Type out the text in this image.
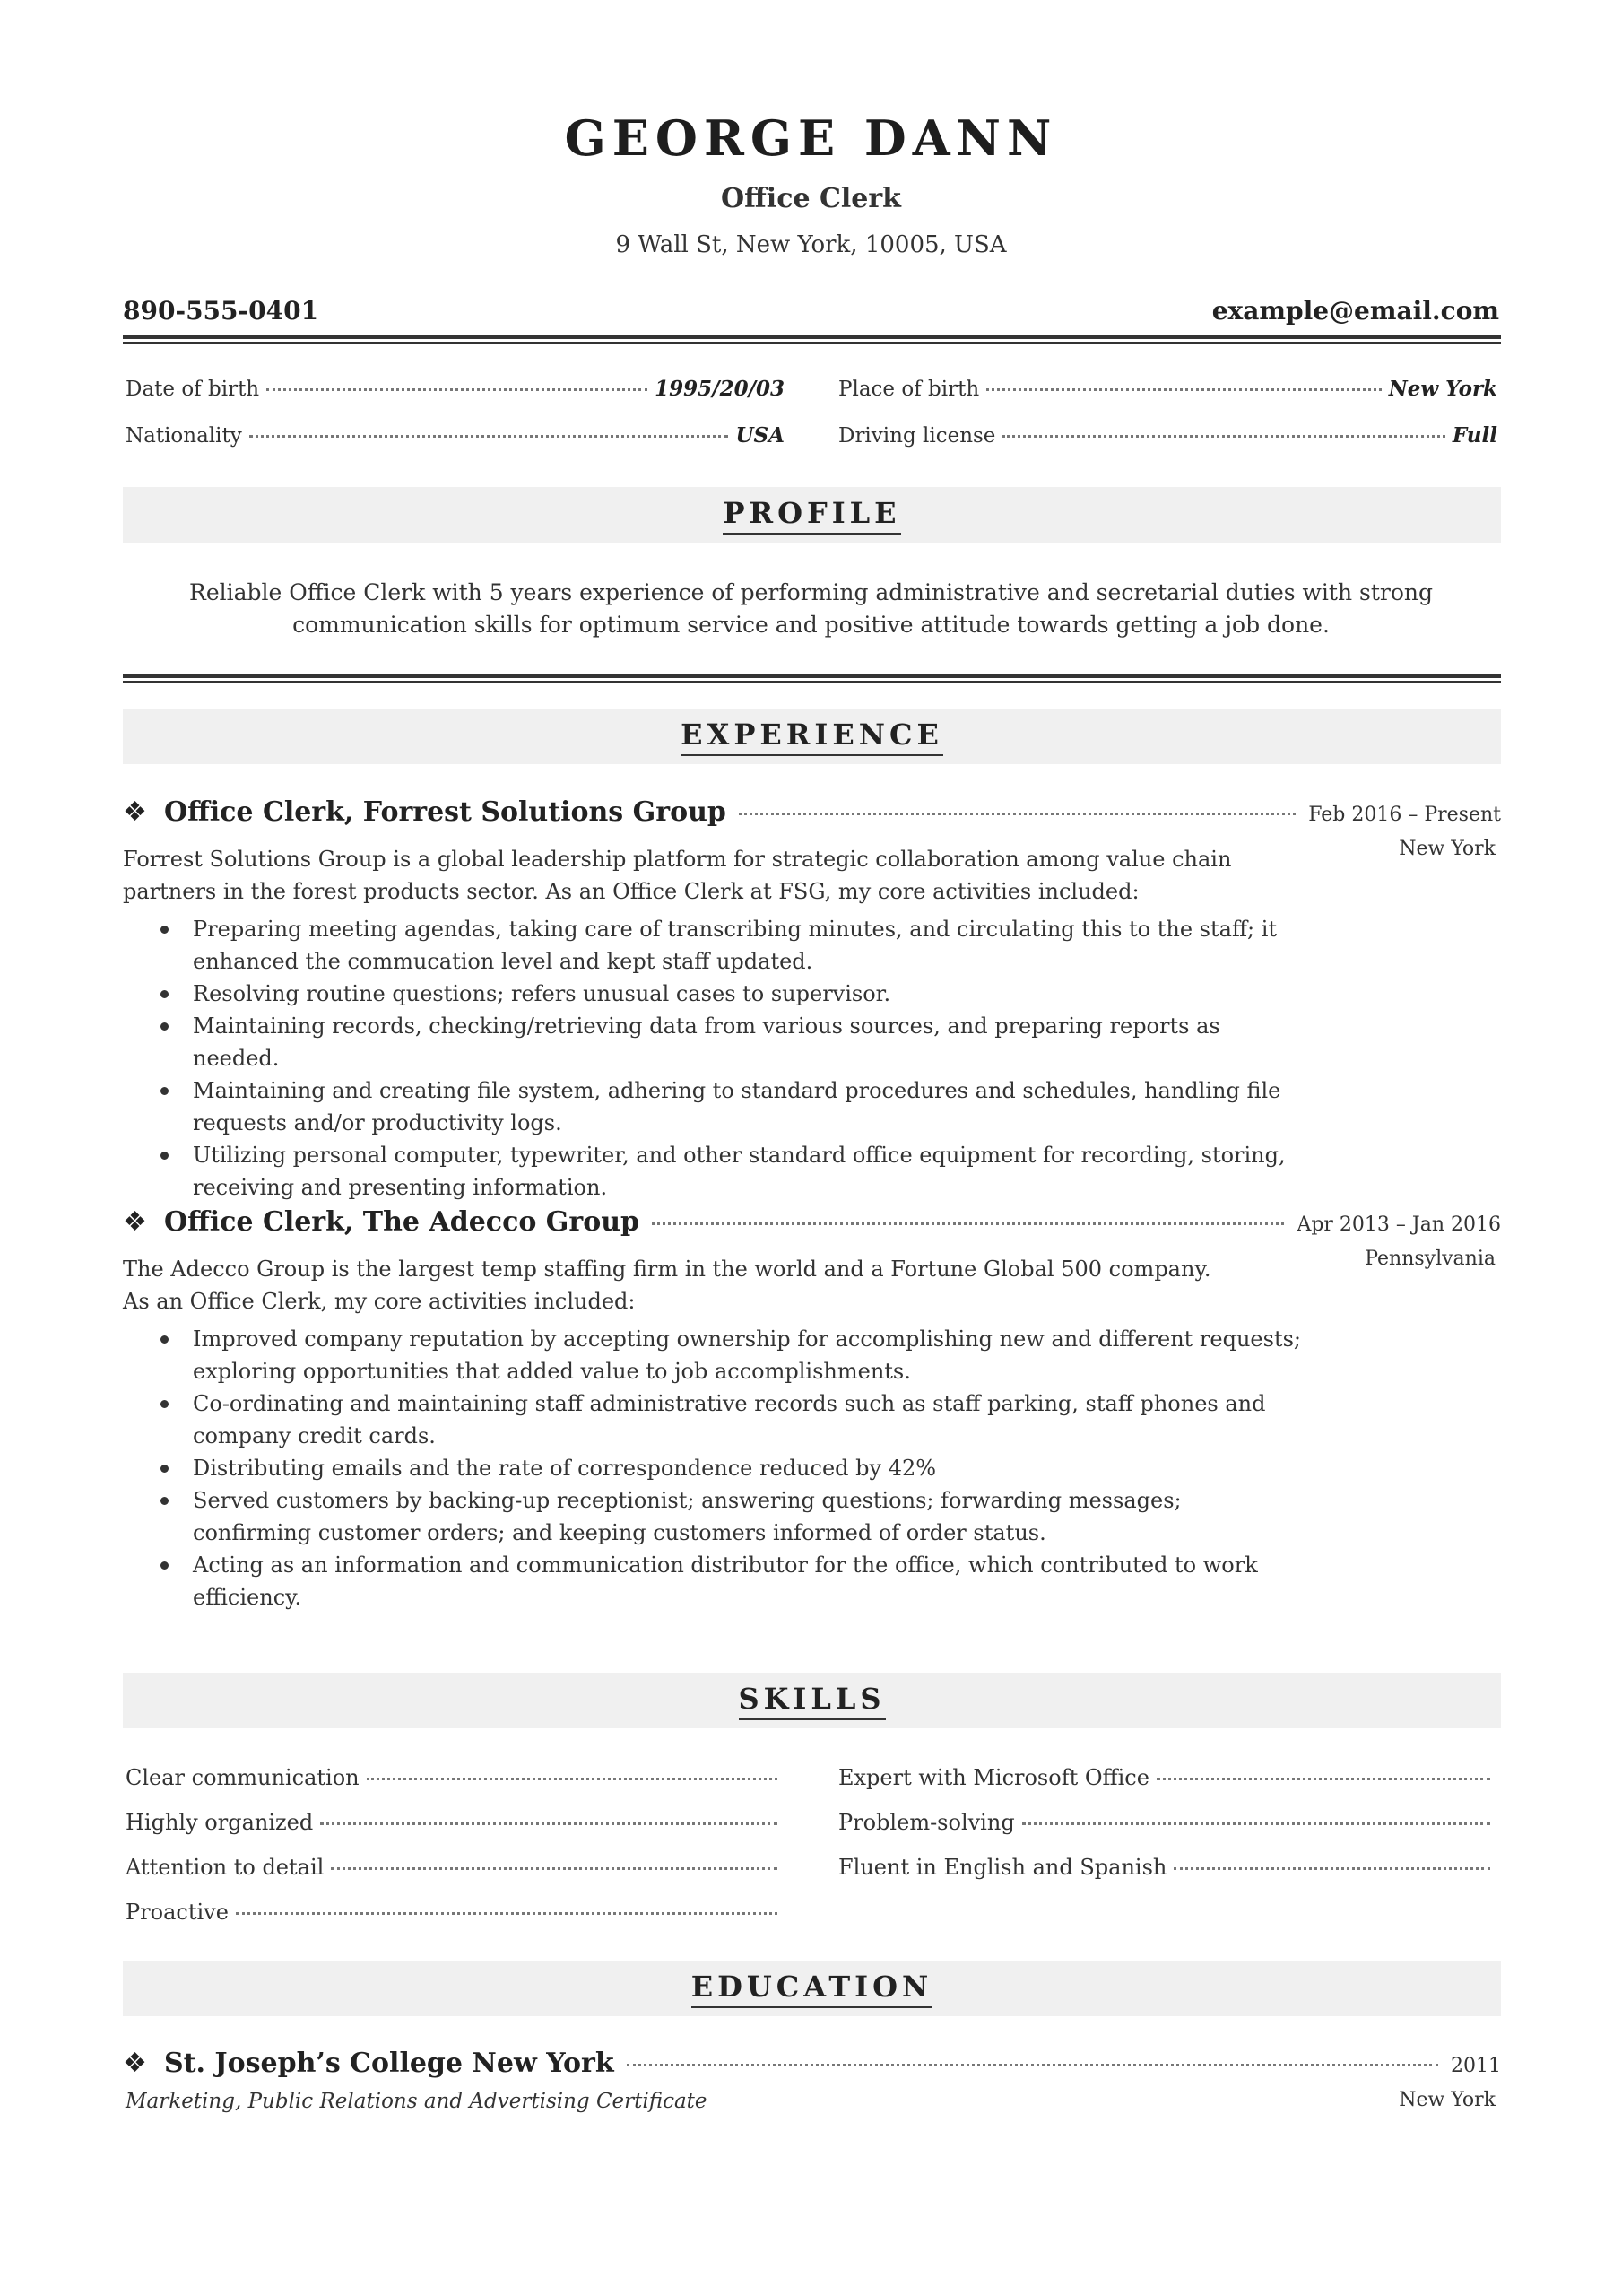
GEORGE DANN
Office Clerk
9 Wall St, New York, 10005, USA
890-555-0401	example@email.com
Date of birth	1995/20/03	Place of birth	New York
Nationality	USA	Driving license	Full
PROFILE
Reliable Office Clerk with 5 years experience of performing administrative and secretarial duties with strong
communication skills for optimum service and positive attitude towards getting a job done.
EXPERIENCE
❖ Office Clerk, Forrest Solutions Group	Feb 2016 – Present
New York
Forrest Solutions Group is a global leadership platform for strategic collaboration among value chain partners in the forest products sector. As an Office Clerk at FSG, my core activities included:
Preparing meeting agendas, taking care of transcribing minutes, and circulating this to the staff; it enhanced the commucation level and kept staff updated.
Resolving routine questions; refers unusual cases to supervisor.
Maintaining records, checking/retrieving data from various sources, and preparing reports as needed.
Maintaining and creating file system, adhering to standard procedures and schedules, handling file requests and/or productivity logs.
Utilizing personal computer, typewriter, and other standard office equipment for recording, storing, receiving and presenting information.
❖ Office Clerk, The Adecco Group	Apr 2013 – Jan 2016
Pennsylvania
The Adecco Group is the largest temp staffing firm in the world and a Fortune Global 500 company. As an Office Clerk, my core activities included:
Improved company reputation by accepting ownership for accomplishing new and different requests; exploring opportunities that added value to job accomplishments.
Co-ordinating and maintaining staff administrative records such as staff parking, staff phones and company credit cards.
Distributing emails and the rate of correspondence reduced by 42%
Served customers by backing-up receptionist; answering questions; forwarding messages; confirming customer orders; and keeping customers informed of order status.
Acting as an information and communication distributor for the office, which contributed to work efficiency.
SKILLS
Clear communication	Expert with Microsoft Office
Highly organized	Problem-solving
Attention to detail	Fluent in English and Spanish
Proactive
EDUCATION
❖ St. Joseph’s College New York	2011
New York
Marketing, Public Relations and Advertising Certificate
